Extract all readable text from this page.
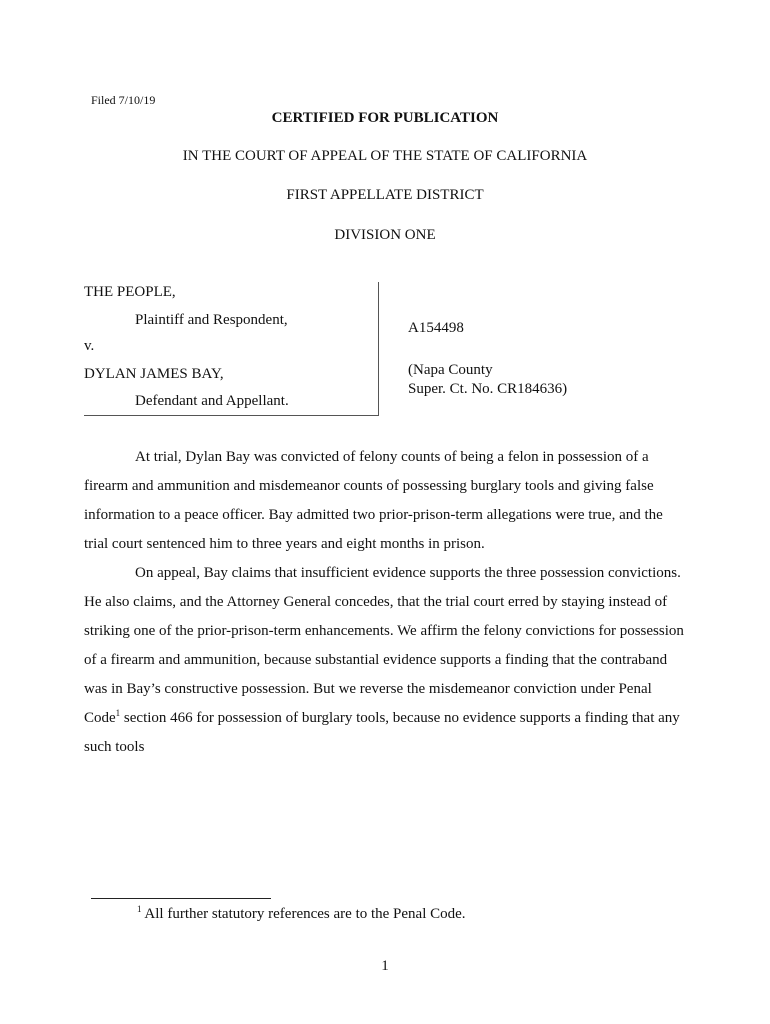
Filed 7/10/19
CERTIFIED FOR PUBLICATION
IN THE COURT OF APPEAL OF THE STATE OF CALIFORNIA
FIRST APPELLATE DISTRICT
DIVISION ONE
THE PEOPLE,
Plaintiff and Respondent,
v.
DYLAN JAMES BAY,
Defendant and Appellant.
A154498
(Napa County
Super. Ct. No. CR184636)

At trial, Dylan Bay was convicted of felony counts of being a felon in possession of a firearm and ammunition and misdemeanor counts of possessing burglary tools and giving false information to a peace officer. Bay admitted two prior-prison-term allegations were true, and the trial court sentenced him to three years and eight months in prison.

On appeal, Bay claims that insufficient evidence supports the three possession convictions. He also claims, and the Attorney General concedes, that the trial court erred by staying instead of striking one of the prior-prison-term enhancements. We affirm the felony convictions for possession of a firearm and ammunition, because substantial evidence supports a finding that the contraband was in Bay’s constructive possession. But we reverse the misdemeanor conviction under Penal Code$^1$ section 466 for possession of burglary tools, because no evidence supports a finding that any such tools

$^1$ All further statutory references are to the Penal Code.
1
